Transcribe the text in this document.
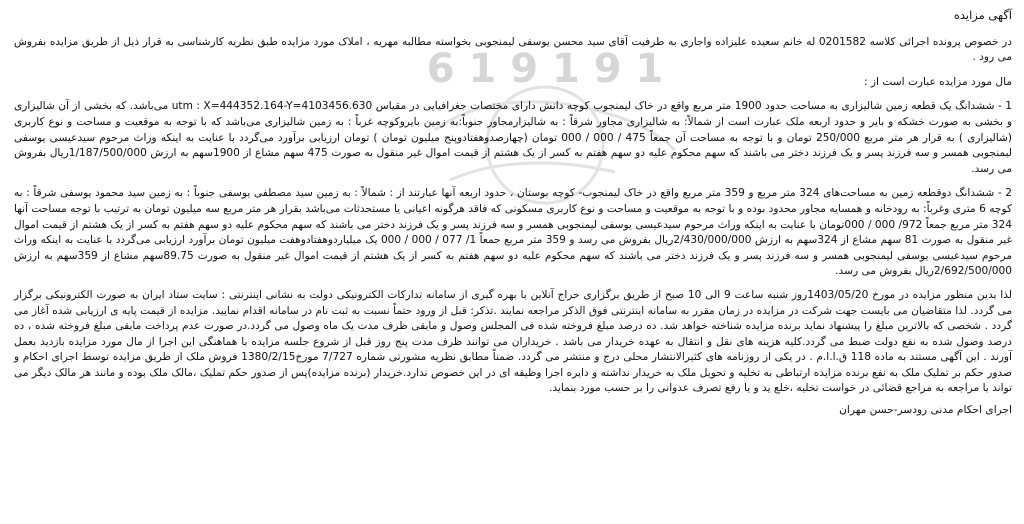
6 1 9 1 9 1

آگهی مزایده

در خصوص پرونده اجرائی کلاسه 0201582 له خانم سعیده علیزاده واجاری به طرفیت آقای سید محسن یوسفی لیمنجوبی بخواسته مطالبه مهریه ، املاک مورد مزایده طبق نظریه کارشناسی به قرار ذیل از طریق مزایده بفروش می رود .

مال مورد مزایده عبارت است از :

1 - ششدانگ یک قطعه زمین شالیزاری به مساحت حدود 1900 متر مربع واقع در خاک لیمنجوب کوچه دانش دارای مختصات جغرافیایی در مقیاس utm : X=444352.164-Y=4103456.630 می‌باشد. که بخشی از آن شالیزاری و بخشی به صورت خشکه و بایر و حدود اربعه ملک عبارت است از شمالاً: به شالیزاری مجاور شرقاً : به شالیزارمجاور جنوباً:به زمین بایروکوچه غرباً : به زمین شالیزاری می‌باشد که با توجه به موقعیت و مساحت و نوع کاربری (شالیزاری ) به قرار هر متر مربع 250/000 تومان و با توجه به مساحت آن جمعاً 475 / 000 / 000 تومان (چهارصدوهفتادوپنج میلیون تومان ) تومان ارزیابی برآورد می‌گردد با عنایت به اینکه وراث مرحوم سیدعیسی یوسفی لیمنجوبی همسر و سه فرزند پسر و یک فرزند دختر می باشند که سهم محکوم علیه دو سهم هفتم به کسر از یک هشتم از قیمت اموال غیر منقول به صورت 475 سهم مشاع از 1900سهم به ارزش 1/187/500/000ریال بفروش می رسد.

2 - ششدانگ دوقطعه زمین به مساحت‌های 324 متر مربع و 359 متر مربع واقع در خاک لیمنجوب- کوچه بوستان ، حدود اربعه آنها عبارتند از : شمالاً : به زمین سید مصطفی یوسفی جنوباً : به زمین سید محمود یوسفی شرقاً : به کوچه 6 متری وغرباً: به رودخانه و همسایه مجاور محدود بوده و با توجه به موقعیت و مساحت و نوع کاربری مسکونی که فاقد هرگونه اعیانی یا مستحدثات می‌باشد بقرار هر متر مربع سه میلیون تومان به ترتیب با توجه مساحت آنها 324 متر مربع جمعاً 972/ 000 / 000تومان با عنایت به اینکه وراث مرحوم سیدعیسی یوسفی لیمنجوبی همسر و سه فرزند پسر و یک فرزند دختر می باشند که سهم محکوم علیه دو سهم هفتم به کسر از یک هشتم از قیمت اموال غیر منقول به صورت 81 سهم مشاع از 324سهم به ارزش 2/430/000/000ریال بفروش می رسد و 359 متر مربع جمعاً 1/ 077 / 000 / 000 یک میلیاردوهفتادوهفت میلیون تومان برآورد ارزیابی می‌گردد با عنایت به اینکه وراث مرحوم سیدعیسی یوسفی لیمنجوبی همسر و سه فرزند پسر و یک فرزند دختر می باشند که سهم محکوم علیه دو سهم هفتم به کسر از یک هشتم از قیمت اموال غیر منقول به صورت 89.75سهم مشاع از 359سهم به ارزش 2/692/500/000ریال بفروش می رسد.

لذا بدین منظور مزایده در مورخ 1403/05/20روز شنبه ساعت 9 الی 10 صبح از طریق برگزاری حراج آنلاین با بهره گیری از سامانه تدارکات الکترونیکی دولت به نشانی اینترنتی : سایت ستاد ایران به صورت الکترونیکی برگزار می گردد. لذا متقاضیان می بایست جهت شرکت در مزایده در زمان مقرر به سامانه اینترنتی فوق الذکر مراجعه نمایند .تذکر: قبل از ورود حتماً نسبت به ثبت نام در سامانه اقدام نمایید. مزایده از قیمت پایه ی ارزیابی شده آغاز می گردد . شخصی که بالاترین مبلغ را پیشنهاد نماید برنده مزایده شناخته خواهد شد. ده درصد مبلغ فروخته شده فی المجلس وصول و مابقی ظرف مدت یک ماه وصول می گردد.در صورت عدم پرداخت مابقی مبلغ فروخته شده ، ده درصد وصول شده به نفع دولت ضبط می گردد.کلیه هزینه های نقل و انتقال به عهده خریدار می باشد . خریداران می توانند ظرف مدت پنج روز قبل از شروع جلسه مزایده با هماهنگی این اجرا از مال مورد مزایده بازدید بعمل آورند . این آگهی مستند به ماده 118 ق.ا.ا.م . در یکی از روزنامه های کثیرالانتشار محلی درج و منتشر می گردد. ضمناً مطابق نظریه مشورتی شماره 7/727 مورخ1380/2/15 فروش ملک از طریق مزایده توسط اجرای احکام و صدور حکم بر تملیک ملک به نفع برنده مزایده ارتباطی به تخلیه و تحویل ملک به خریدار نداشته و دایره اجرا وظیفه ای در این خصوص ندارد.خریدار (برنده مزایده)پس از صدور حکم تملیک ،مالک ملک بوده و مانند هر مالک دیگر می تواند با مراجعه به مراجع قضائی در خواست تخلیه ،خلع ید و یا رفع تصرف عدوانی را بر حسب مورد بنماید.

اجرای احکام مدنی رودسر-حسن مهران
